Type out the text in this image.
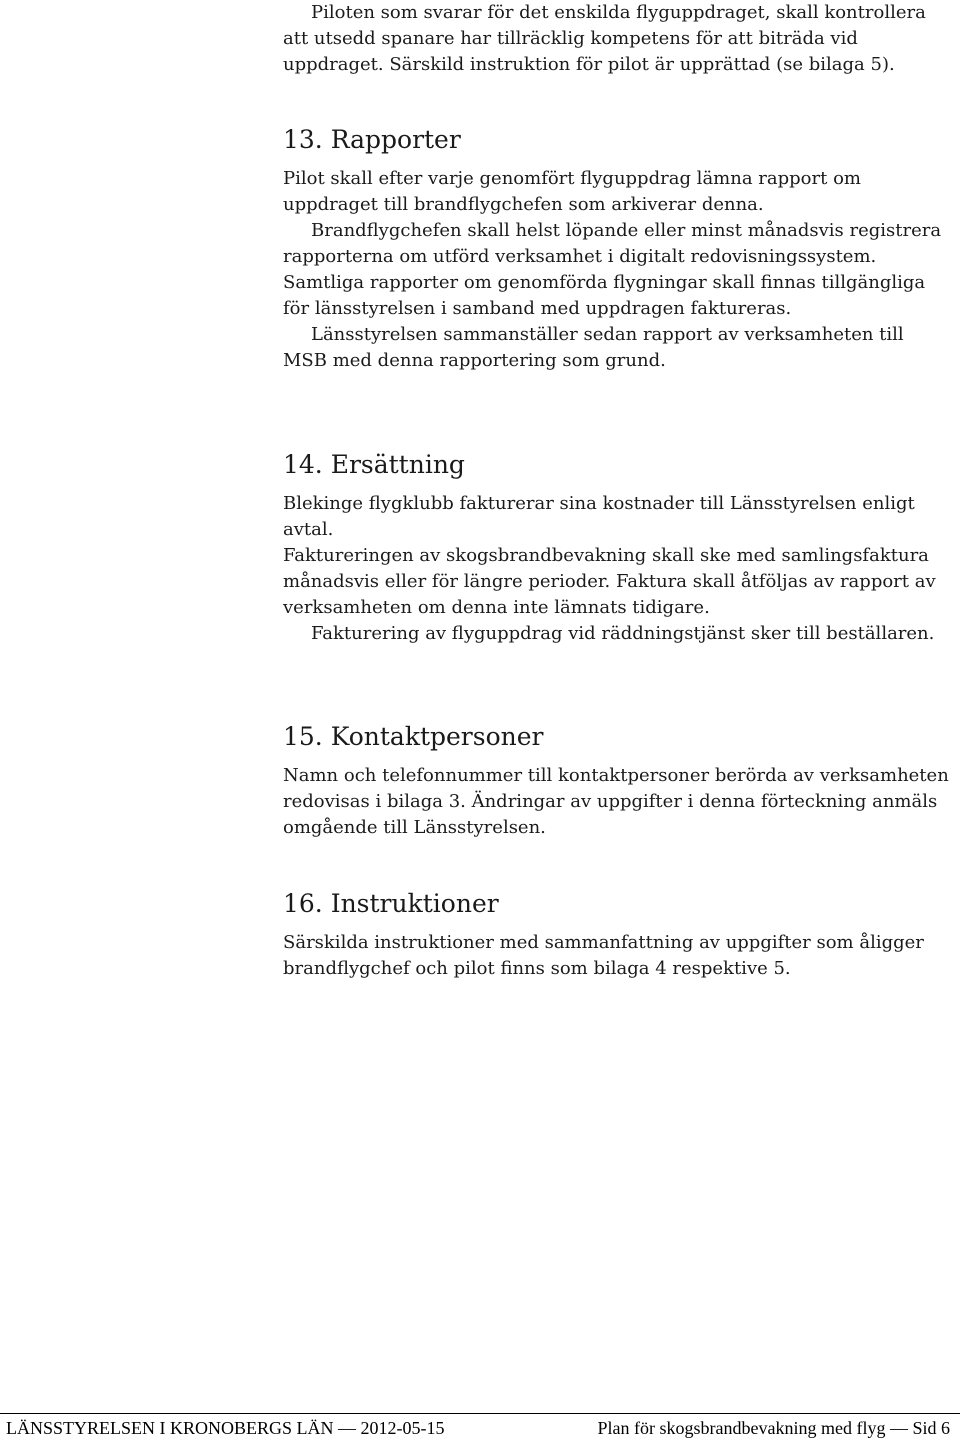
Piloten som svarar för det enskilda flyguppdraget, skall kontrollera att utsedd spanare har tillräcklig kompetens för att biträda vid uppdraget. Särskild instruktion för pilot är upprättad (se bilaga 5).

13. Rapporter

Pilot skall efter varje genomfört flyguppdrag lämna rapport om uppdraget till brandflygchefen som arkiverar denna.

Brandflygchefen skall helst löpande eller minst månadsvis registrera rapporterna om utförd verksamhet i digitalt redovisningssystem. Samtliga rapporter om genomförda flygningar skall finnas tillgängliga för länsstyrelsen i samband med uppdragen faktureras.

Länsstyrelsen sammanställer sedan rapport av verksamheten till MSB med denna rapportering som grund.

14. Ersättning

Blekinge flygklubb fakturerar sina kostnader till Länsstyrelsen enligt avtal.

Faktureringen av skogsbrandbevakning skall ske med samlingsfaktura månadsvis eller för längre perioder. Faktura skall åtföljas av rapport av verksamheten om denna inte lämnats tidigare.

Fakturering av flyguppdrag vid räddningstjänst sker till beställaren.

15. Kontaktpersoner

Namn och telefonnummer till kontaktpersoner berörda av verksamheten redovisas i bilaga 3. Ändringar av uppgifter i denna förteckning anmäls omgående till Länsstyrelsen.

16. Instruktioner

Särskilda instruktioner med sammanfattning av uppgifter som åligger brandflygchef och pilot finns som bilaga 4 respektive 5.

LÄNSSTYRELSEN I KRONOBERGS LÄN — 2012-05-15	Plan för skogsbrandbevakning med flyg — Sid 6
